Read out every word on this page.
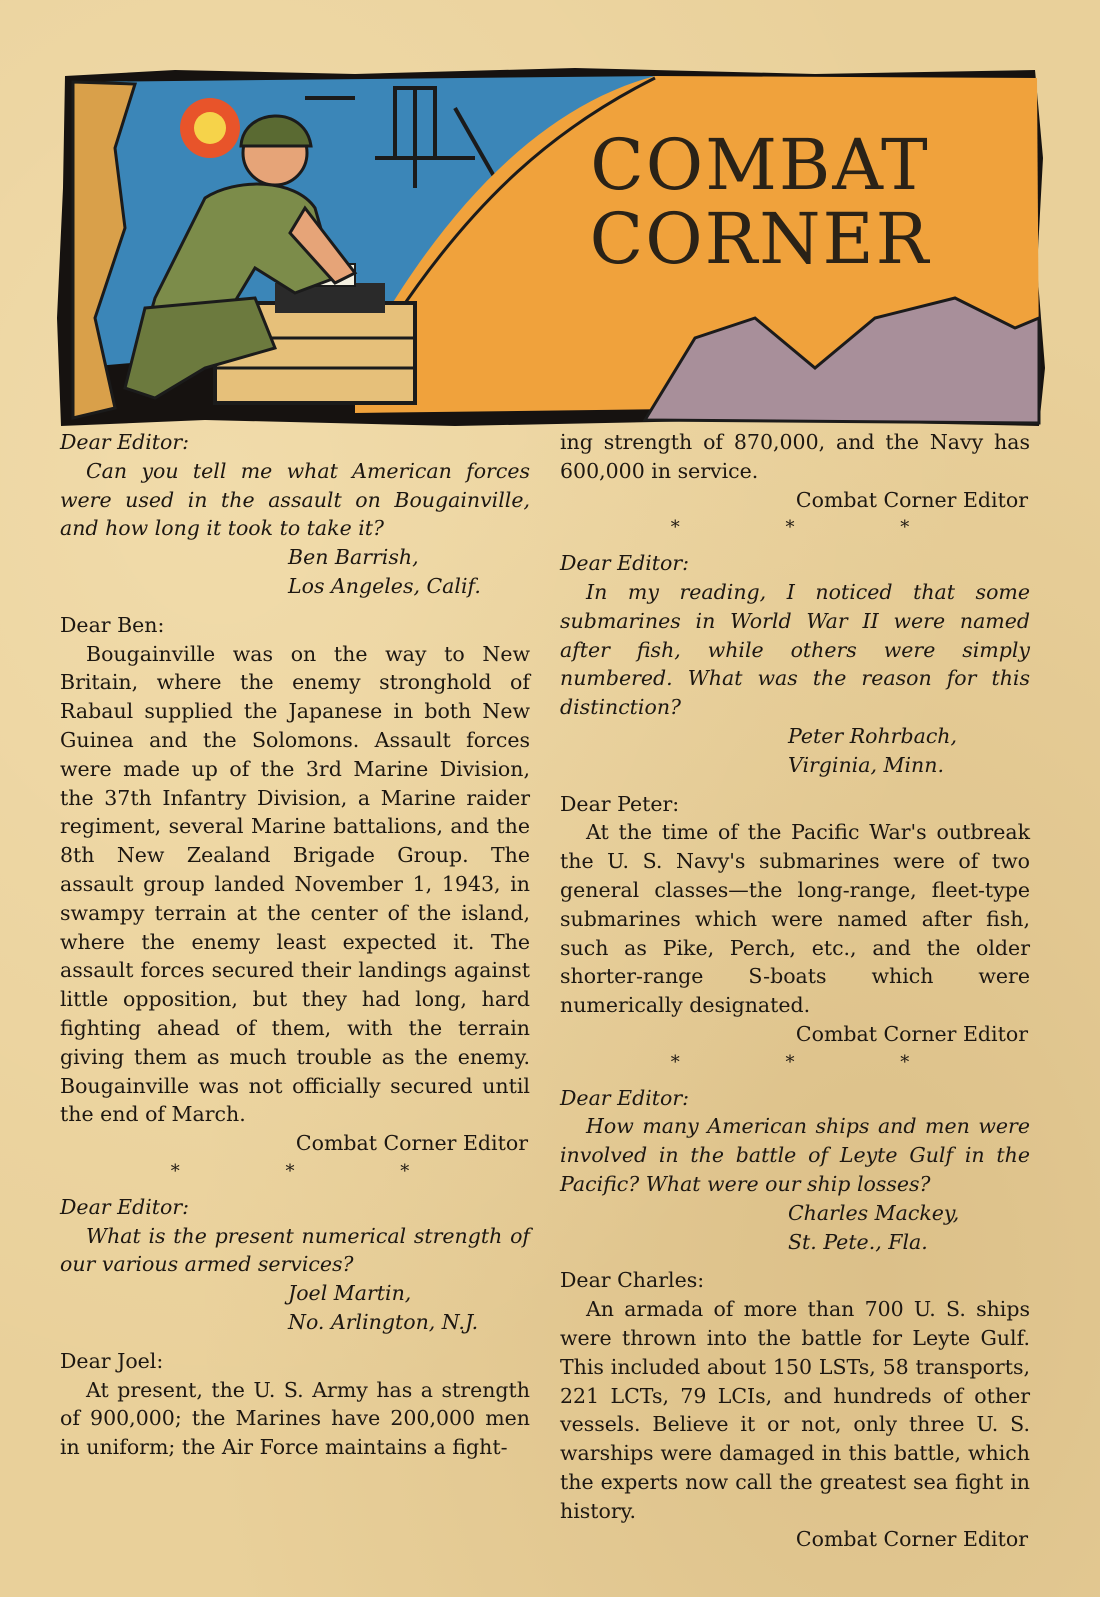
COMBAT
CORNER

Dear Editor:

Can you tell me what American forces were used in the assault on Bougainville, and how long it took to take it?

Ben Barrish,

Los Angeles, Calif.

Dear Ben:

Bougainville was on the way to New Britain, where the enemy stronghold of Rabaul supplied the Japanese in both New Guinea and the Solomons. Assault forces were made up of the 3rd Marine Division, the 37th Infantry Division, a Marine raider regiment, several Marine battalions, and the 8th New Zealand Brigade Group. The assault group landed November 1, 1943, in swampy terrain at the center of the island, where the enemy least expected it. The assault forces secured their landings against little opposition, but they had long, hard fighting ahead of them, with the terrain giving them as much trouble as the enemy. Bougainville was not officially secured until the end of March.

Combat Corner Editor

* * *

Dear Editor:

What is the present numerical strength of our various armed services?

Joel Martin,

No. Arlington, N.J.

Dear Joel:

At present, the U. S. Army has a strength of 900,000; the Marines have 200,000 men in uniform; the Air Force maintains a fight-

ing strength of 870,000, and the Navy has 600,000 in service.

Combat Corner Editor

* * *

Dear Editor:

In my reading, I noticed that some submarines in World War II were named after fish, while others were simply numbered. What was the reason for this distinction?

Peter Rohrbach,

Virginia, Minn.

Dear Peter:

At the time of the Pacific War's outbreak the U. S. Navy's submarines were of two general classes—the long-range, fleet-type submarines which were named after fish, such as Pike, Perch, etc., and the older shorter-range S-boats which were numerically designated.

Combat Corner Editor

* * *

Dear Editor:

How many American ships and men were involved in the battle of Leyte Gulf in the Pacific? What were our ship losses?

Charles Mackey,

St. Pete., Fla.

Dear Charles:

An armada of more than 700 U. S. ships were thrown into the battle for Leyte Gulf. This included about 150 LSTs, 58 transports, 221 LCTs, 79 LCIs, and hundreds of other vessels. Believe it or not, only three U. S. warships were damaged in this battle, which the experts now call the greatest sea fight in history.

Combat Corner Editor
